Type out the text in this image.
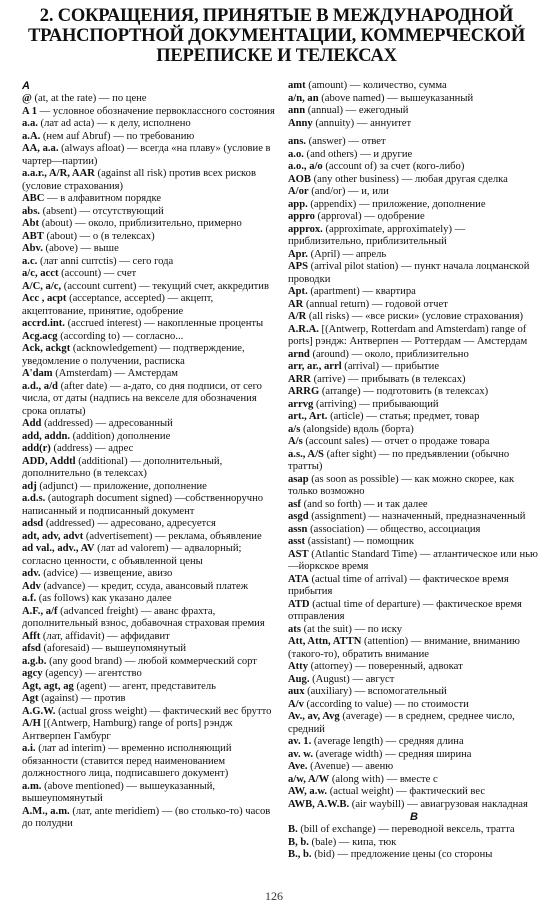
2. СОКРАЩЕНИЯ, ПРИНЯТЫЕ В МЕЖДУНАРОДНОЙ ТРАНСПОРТНОЙ ДОКУМЕНТАЦИИ, КОММЕРЧЕСКОЙ ПЕРЕПИСКЕ И ТЕЛЕКСАХ
A
@ (at, at the rate) — по цене
A 1 — условное обозначение первоклассного состояния
a.a. (лат ad acta) — к делу, исполнено
a.A. (нем auf Abruf) — по требованию
AA, a.a. (always afloat) — всегда «на плаву» (условие в чартер—партии)
a.a.r., A/R, AAR (against all risk) против всех рисков (условие страхования)
ABC — в алфавитном порядке
abs. (absent) — отсутствующий
Abt (about) — около, приблизительно, примерно
ABT (about) — о (в телексах)
Abv. (above) — выше
a.c. (лат anni currctis) — сего года
a/c, acct (account) — счет
A/C, a/c, (account current) — текущий счет, аккредитив
Acc , acpt (acceptance, accepted) — акцепт, акцептование, принятие, одобрение
accrd.int. (accrued interest) — накопленные проценты
Acg.acg (according to) — согласно...
Ack, ackgt (acknowledgement) — подтверждение, уведомление о получении, расписка
A'dam (Amsterdam) — Амстердам
a.d., a/d (after date) — а-дато, со дня подписи, от сего числа, от даты (надпись на векселе для обозначения срока оплаты)
Add (addressed) — адресованный
add, addn. (addition) дополнение
add(r) (address) — адрес
ADD, Addtl (additional) — дополнительный, дополнительно (в телексах)
adj (adjunct) — приложение, дополнение
a.d.s. (autograph document signed) —собственноручно написанный и подписанный документ
adsd (addressed) — адресовано, адресуется
adt, adv, advt (advertisement) — реклама, объявление
ad val., adv., AV (лат ad valorem) — адвалорный; согласно ценности, с объявленной цены
adv. (advice) — извещение, авизо
Adv (advance) — кредит, ссуда, авансовый платеж
a.f. (as follows) как указано далее
A.F., a/f (advanced freight) — аванс фрахта, дополнительный взнос, добавочная страховая премия
Afft (лат, affidavit) — аффидавит
afsd (aforesaid) — вышеупомянутый
a.g.b. (any good brand) — любой коммерческий сорт
agcy (agency) — агентство
Agt, agt, ag (agent) — агент, представитель
Agt (against) — против
A.G.W. (actual gross weight) — фактический вес брутто
A/H [(Antwerp, Hamburg) range of ports] рэндж Антверпен Гамбург
a.i. (лат ad interim) — временно исполняющий обязанности (ставится перед наименованием должностного лица, подписавшего документ)
a.m. (above mentioned) — вышеуказанный, вышеупомянутый
A.M., a.m. (лат, ante meridiem) — (во столько-то) часов до полудни
amt (amount) — количество, сумма
a/n, an (above named) — вышеуказанный
ann (annual) — ежегодный
Anny (annuity) — аннуитет
ans. (answer) — ответ
a.o. (and others) — и другие
a.o., a/o (account of) за счет (кого-либо)
AOB (any other business) — любая другая сделка
A/or (and/or) — и, или
app. (appendix) — приложение, дополнение
appro (approval) — одобрение
approx. (approximate, approximately) — приблизительно, приблизительный
Apr. (April) — апрель
APS (arrival pilot station) — пункт начала лоцманской проводки
Apt. (apartment) — квартира
AR (annual return) — годовой отчет
A/R (all risks) — «все риски» (условие страхования)
A.R.A. [(Antwerp, Rotterdam and Amsterdam) range of ports] рэндж: Антверпен — Роттердам — Амстердам
arnd (around) — около, приблизительно
arr, ar., arrl (arrival) — прибытие
ARR (arrive) — прибывать (в телексах)
ARRG (arrange) — подготовить (в телексах)
arrvg (arriving) — прибывающий
art., Art. (article) — статья; предмет, товар
a/s (alongside) вдоль (борта)
A/s (account sales) — отчет о продаже товара
a.s., A/S (after sight) — по предъявлении (обычно тратты)
asap (as soon as possible) — как можно скорее, как только возможно
asf (and so forth) — и так далее
asgd (assignment) — назначенный, предназначенный
assn (association) — общество, ассоциация
asst (assistant) — помощник
AST (Atlantic Standard Time) — атлантическое или нью—йоркское время
ATA (actual time of arrival) — фактическое время прибытия
ATD (actual time of departure) — фактическое время отправления
ats (at the suit) — по иску
Att, Attn, ATTN (attention) — внимание, вниманию (такого-то), обратить внимание
Atty (attorney) — поверенный, адвокат
Aug. (August) — август
aux (auxiliary) — вспомогательный
A/v (according to value) — по стоимости
Av., av, Avg (average) — в среднем, среднее число, средний
av. 1. (average length) — средняя длина
av. w. (average width) — средняя ширина
Ave. (Avenue) — авеню
a/w, A/W (along with) — вместе с
AW, a.w. (actual weight) — фактический вес
AWB, A.W.B. (air waybill) — авиагрузовая накладная
B
B. (bill of exchange) — переводной вексель, тратта
B, b. (bale) — кипа, тюк
B., b. (bid) — предложение цены (со стороны
126
